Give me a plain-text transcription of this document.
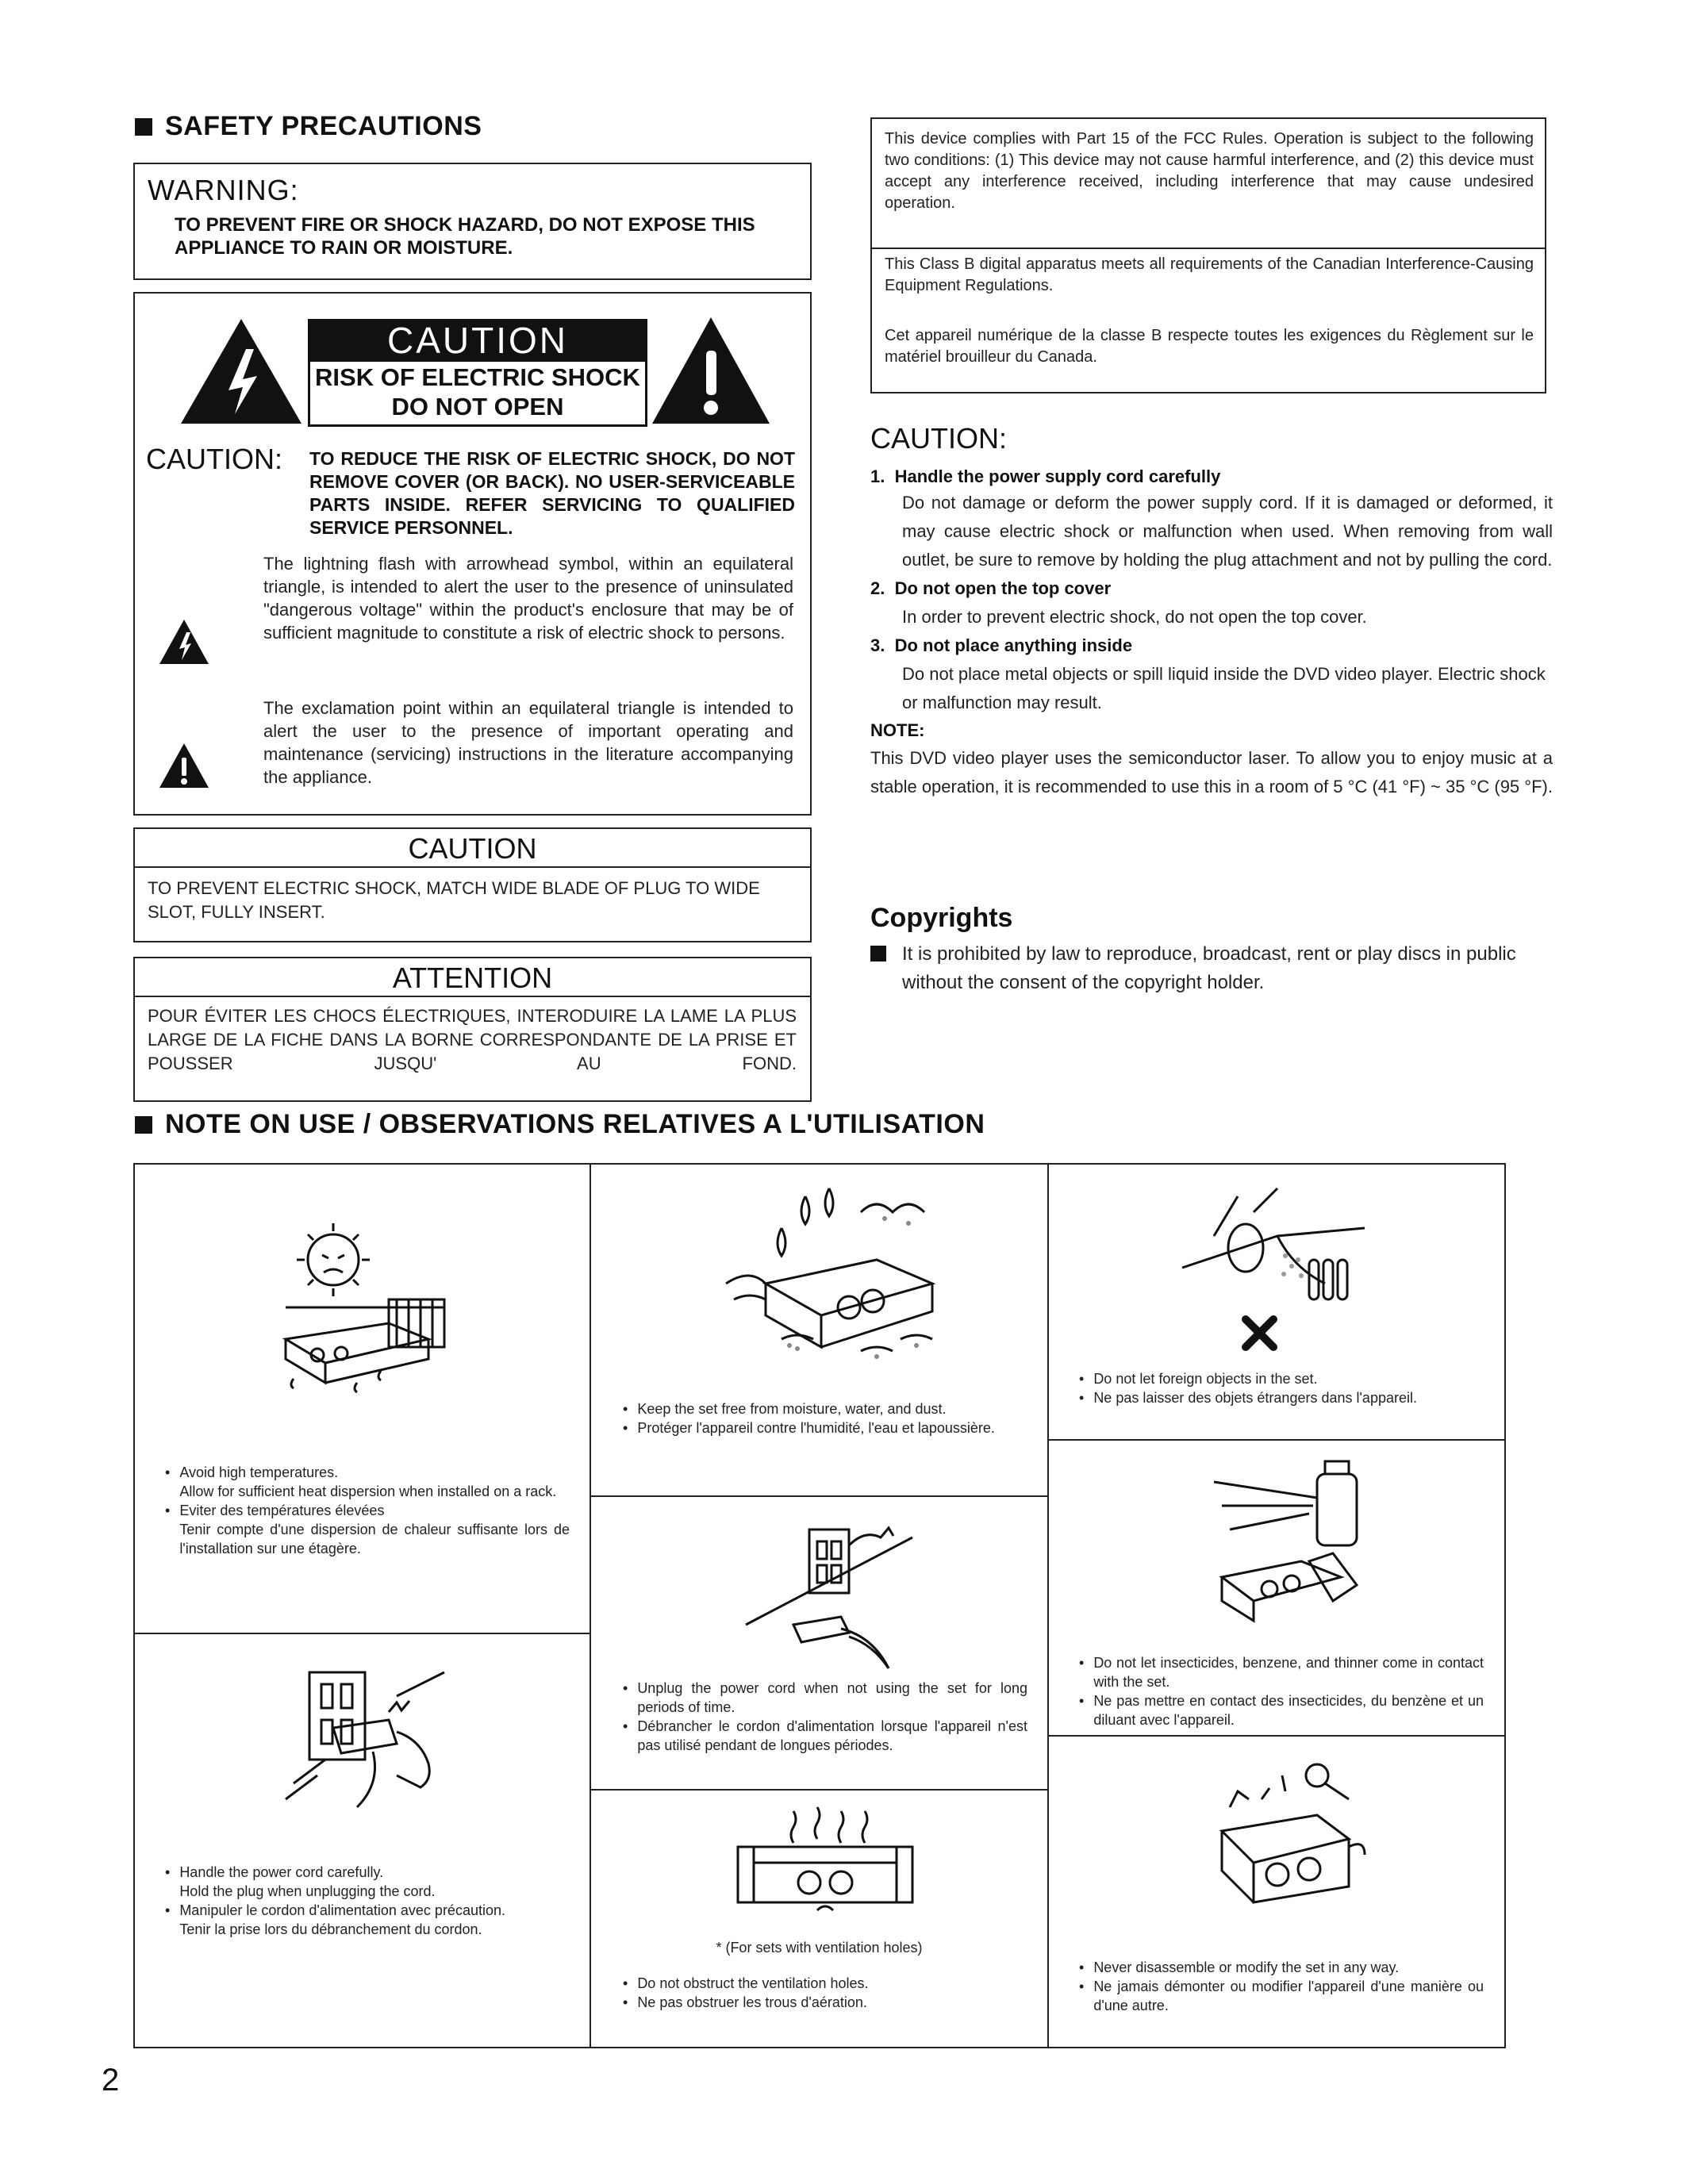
SAFETY PRECAUTIONS
WARNING:
TO PREVENT FIRE OR SHOCK HAZARD, DO NOT EXPOSE THIS APPLIANCE TO RAIN OR MOISTURE.
CAUTION
RISK OF ELECTRIC SHOCK
DO NOT OPEN
CAUTION: TO REDUCE THE RISK OF ELECTRIC SHOCK, DO NOT REMOVE COVER (OR BACK). NO USER-SERVICEABLE PARTS INSIDE. REFER SERVICING TO QUALIFIED SERVICE PERSONNEL.
The lightning flash with arrowhead symbol, within an equilateral triangle, is intended to alert the user to the presence of uninsulated "dangerous voltage" within the product's enclosure that may be of sufficient magnitude to constitute a risk of electric shock to persons.
The exclamation point within an equilateral triangle is intended to alert the user to the presence of important operating and maintenance (servicing) instructions in the literature accompanying the appliance.
CAUTION
TO PREVENT ELECTRIC SHOCK, MATCH WIDE BLADE OF PLUG TO WIDE SLOT, FULLY INSERT.
ATTENTION
POUR ÉVITER LES CHOCS ÉLECTRIQUES, INTERODUIRE LA LAME LA PLUS LARGE DE LA FICHE DANS LA BORNE CORRESPONDANTE DE LA PRISE ET POUSSER JUSQU' AU FOND.
This device complies with Part 15 of the FCC Rules. Operation is subject to the following two conditions: (1) This device may not cause harmful interference, and (2) this device must accept any interference received, including interference that may cause undesired operation.
This Class B digital apparatus meets all requirements of the Canadian Interference-Causing Equipment Regulations.
Cet appareil numérique de la classe B respecte toutes les exigences du Règlement sur le matériel brouilleur du Canada.
CAUTION:
1. Handle the power supply cord carefully
Do not damage or deform the power supply cord. If it is damaged or deformed, it may cause electric shock or malfunction when used. When removing from wall outlet, be sure to remove by holding the plug attachment and not by pulling the cord.
2. Do not open the top cover
In order to prevent electric shock, do not open the top cover.
3. Do not place anything inside
Do not place metal objects or spill liquid inside the DVD video player. Electric shock or malfunction may result.
NOTE:
This DVD video player uses the semiconductor laser. To allow you to enjoy music at a stable operation, it is recommended to use this in a room of 5 °C (41 °F) ~ 35 °C (95 °F).
Copyrights
It is prohibited by law to reproduce, broadcast, rent or play discs in public without the consent of the copyright holder.
NOTE ON USE / OBSERVATIONS RELATIVES A L'UTILISATION
• Avoid high temperatures.
Allow for sufficient heat dispersion when installed on a rack.
• Eviter des températures élevées
Tenir compte d'une dispersion de chaleur suffisante lors de l'installation sur une étagère.
• Handle the power cord carefully.
Hold the plug when unplugging the cord.
• Manipuler le cordon d'alimentation avec précaution.
Tenir la prise lors du débranchement du cordon.
• Keep the set free from moisture, water, and dust.
• Protéger l'appareil contre l'humidité, l'eau et lapoussière.
• Unplug the power cord when not using the set for long periods of time.
• Débrancher le cordon d'alimentation lorsque l'appareil n'est pas utilisé pendant de longues périodes.
* (For sets with ventilation holes)
• Do not obstruct the ventilation holes.
• Ne pas obstruer les trous d'aération.
• Do not let foreign objects in the set.
• Ne pas laisser des objets étrangers dans l'appareil.
• Do not let insecticides, benzene, and thinner come in contact with the set.
• Ne pas mettre en contact des insecticides, du benzène et un diluant avec l'appareil.
• Never disassemble or modify the set in any way.
• Ne jamais démonter ou modifier l'appareil d'une manière ou d'une autre.
2
